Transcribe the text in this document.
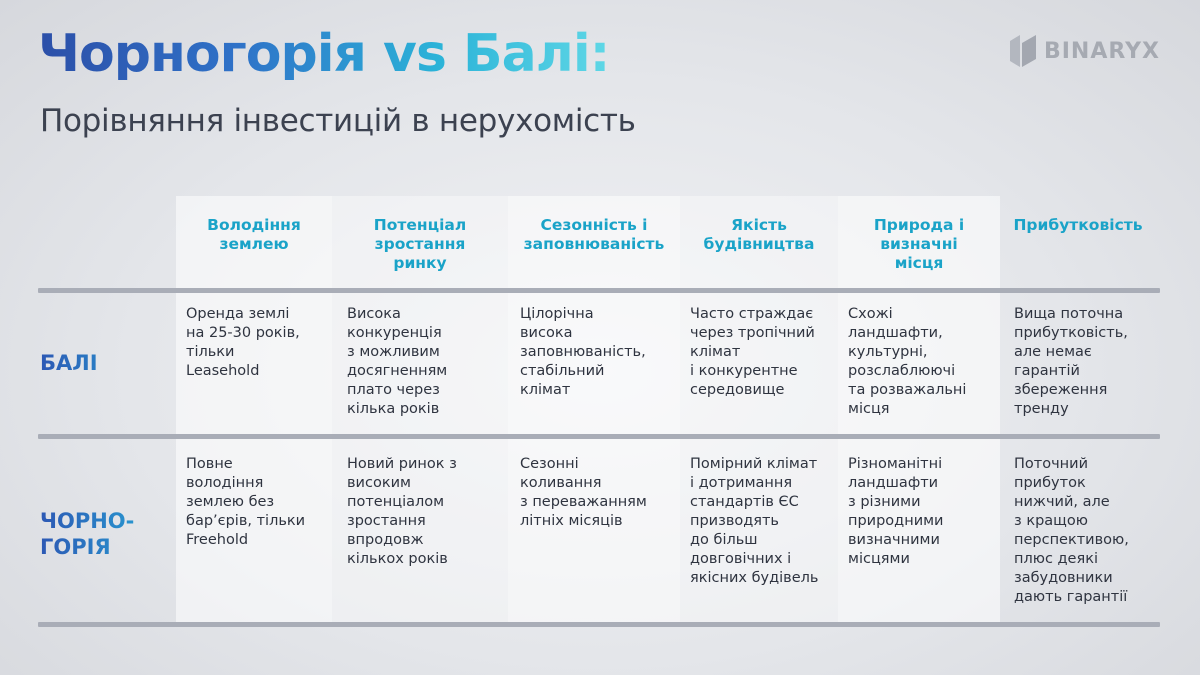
Чорногорія vs Балі:
Порівняння інвестицій в нерухомість
BINARYX
Володіння
землею
Потенціал
зростання
ринку
Сезонність і
заповнюваність
Якість
будівництва
Природа і
визначні
місця
Прибутковість
БАЛІ
Оренда землі
на 25-30 років,
тільки
Leasehold
Висока
конкуренція
з можливим
досягненням
плато через
кілька років
Цілорічна
висока
заповнюваність,
стабільний
клімат
Часто страждає
через тропічний
клімат
і конкурентне
середовище
Схожі
ландшафти,
культурні,
розслаблюючі
та розважальні
місця
Вища поточна
прибутковість,
але немає
гарантій
збереження
тренду
ЧОРНО-
ГОРІЯ
Повне
володіння
землею без
бар’єрів, тільки
Freehold
Новий ринок з
високим
потенціалом
зростання
впродовж
кількох років
Сезонні
коливання
з переважанням
літніх місяців
Помірний клімат
і дотримання
стандартів ЄС
призводять
до більш
довговічних і
якісних будівель
Різноманітні
ландшафти
з різними
природними
визначними
місцями
Поточний
прибуток
нижчий, але
з кращою
перспективою,
плюс деякі
забудовники
дають гарантії
